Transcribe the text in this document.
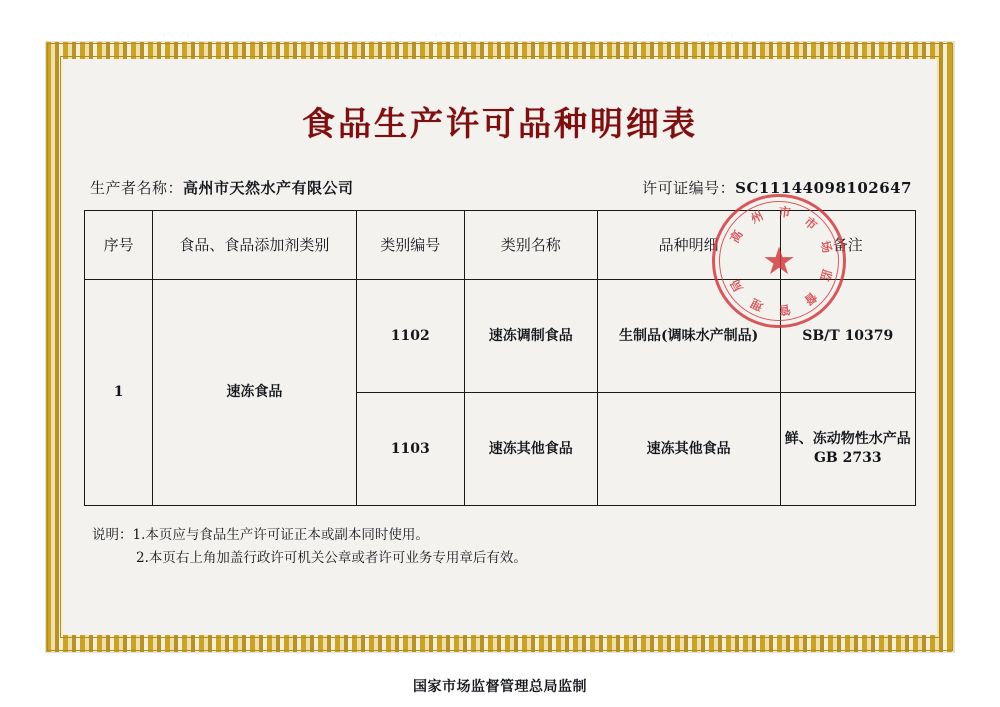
食品生产许可品种明细表
生产者名称：高州市天然水产有限公司	许可证编号：SC11144098102647
序号	食品、食品添加剂类别	类别编号	类别名称	品种明细	备注
1	速冻食品	1102	速冻调制食品	生制品(调味水产制品)	SB/T 10379
		1103	速冻其他食品	速冻其他食品	鲜、冻动物性水产品 GB 2733
说明：1.本页应与食品生产许可证正本或副本同时使用。
2.本页右上角加盖行政许可机关公章或者许可业务专用章后有效。
高
州 市
市
场
监
督
管
理
局
★
国家市场监督管理总局监制
